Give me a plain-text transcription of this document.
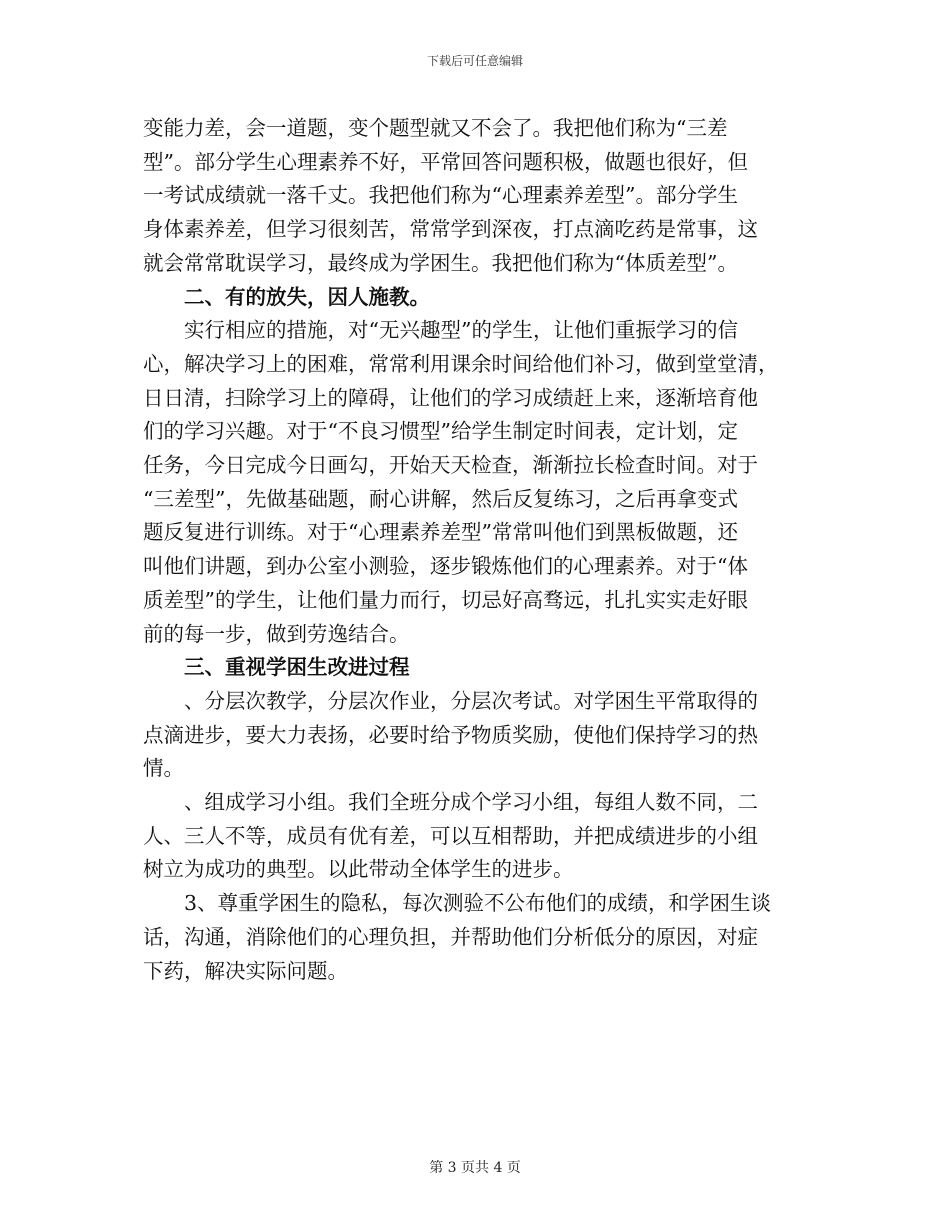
下载后可任意编辑

变能力差，会一道题，变个题型就又不会了。我把他们称为“三差
型”。部分学生心理素养不好，平常回答问题积极，做题也很好，但
一考试成绩就一落千丈。我把他们称为“心理素养差型”。部分学生
身体素养差，但学习很刻苦，常常学到深夜，打点滴吃药是常事，这
就会常常耽误学习，最终成为学困生。我把他们称为“体质差型”。

二、有的放失，因人施教。

实行相应的措施，对“无兴趣型”的学生，让他们重振学习的信
心，解决学习上的困难，常常利用课余时间给他们补习，做到堂堂清，
日日清，扫除学习上的障碍，让他们的学习成绩赶上来，逐渐培育他
们的学习兴趣。对于“不良习惯型”给学生制定时间表，定计划，定
任务，今日完成今日画勾，开始天天检查，渐渐拉长检查时间。对于
“三差型”，先做基础题，耐心讲解，然后反复练习，之后再拿变式
题反复进行训练。对于“心理素养差型”常常叫他们到黑板做题，还
叫他们讲题，到办公室小测验，逐步锻炼他们的心理素养。对于“体
质差型”的学生，让他们量力而行，切忌好高骛远，扎扎实实走好眼
前的每一步，做到劳逸结合。

三、重视学困生改进过程

、分层次教学，分层次作业，分层次考试。对学困生平常取得的
点滴进步，要大力表扬，必要时给予物质奖励，使他们保持学习的热
情。

、组成学习小组。我们全班分成个学习小组，每组人数不同，二
人、三人不等，成员有优有差，可以互相帮助，并把成绩进步的小组
树立为成功的典型。以此带动全体学生的进步。

3、尊重学困生的隐私，每次测验不公布他们的成绩，和学困生谈
话，沟通，消除他们的心理负担，并帮助他们分析低分的原因，对症
下药，解决实际问题。

第 3 页共 4 页
